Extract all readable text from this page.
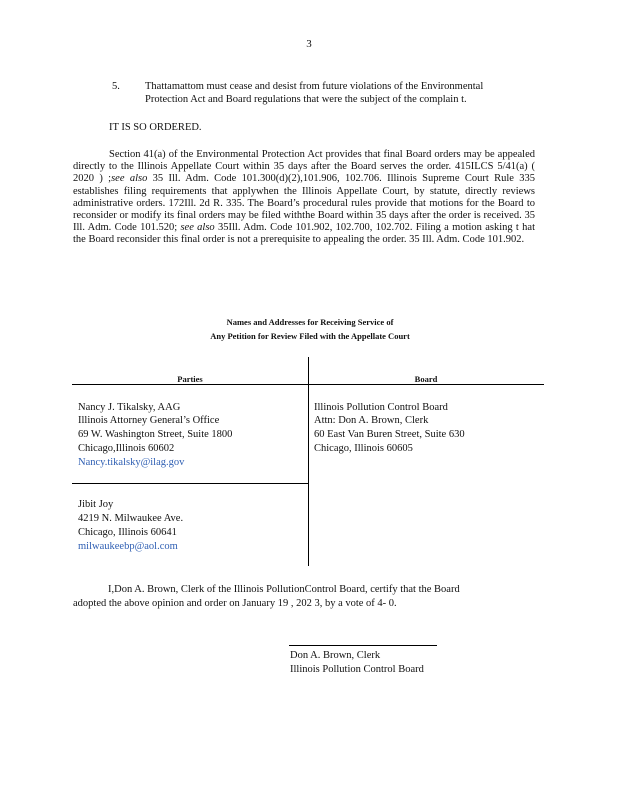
3
5. Thattamattom must cease and desist from future violations of the Environmental
Protection Act and Board regulations that were the subject of the complain t.
IT IS SO ORDERED.
Section 41(a) of the Environmental Protection Act provides that final Board orders may be appealed directly to the Illinois Appellate Court within 35 days after the Board serves the order. 415ILCS 5/41(a) ( 2020 ) ;see also 35 Ill. Adm. Code 101.300(d)(2),101.906, 102.706. Illinois Supreme Court Rule 335 establishes filing requirements that applywhen the Illinois Appellate Court, by statute, directly reviews administrative orders. 172Ill. 2d R. 335. The Board’s procedural rules provide that motions for the Board to reconsider or modify its final orders may be filed withthe Board within 35 days after the order is received. 35 Ill. Adm. Code 101.520; see also 35Ill. Adm. Code 101.902, 102.700, 102.702. Filing a motion asking t hat the Board reconsider this final order is not a prerequisite to appealing the order. 35 Ill. Adm. Code 101.902.
Names and Addresses for Receiving Service of
Any Petition for Review Filed with the Appellate Court
Parties	Board
Nancy J. Tikalsky, AAG
Illinois Attorney General’s Office
69 W. Washington Street, Suite 1800
Chicago,Illinois 60602
Nancy.tikalsky@ilag.gov
Jibit Joy
4219 N. Milwaukee Ave.
Chicago, Illinois 60641
milwaukeebp@aol.com
Illinois Pollution Control Board
Attn: Don A. Brown, Clerk
60 East Van Buren Street, Suite 630
Chicago, Illinois 60605
I,Don A. Brown, Clerk of the Illinois PollutionControl Board, certify that the Board
adopted the above opinion and order on January 19 , 202 3, by a vote of 4- 0.
Don A. Brown, Clerk
Illinois Pollution Control Board
